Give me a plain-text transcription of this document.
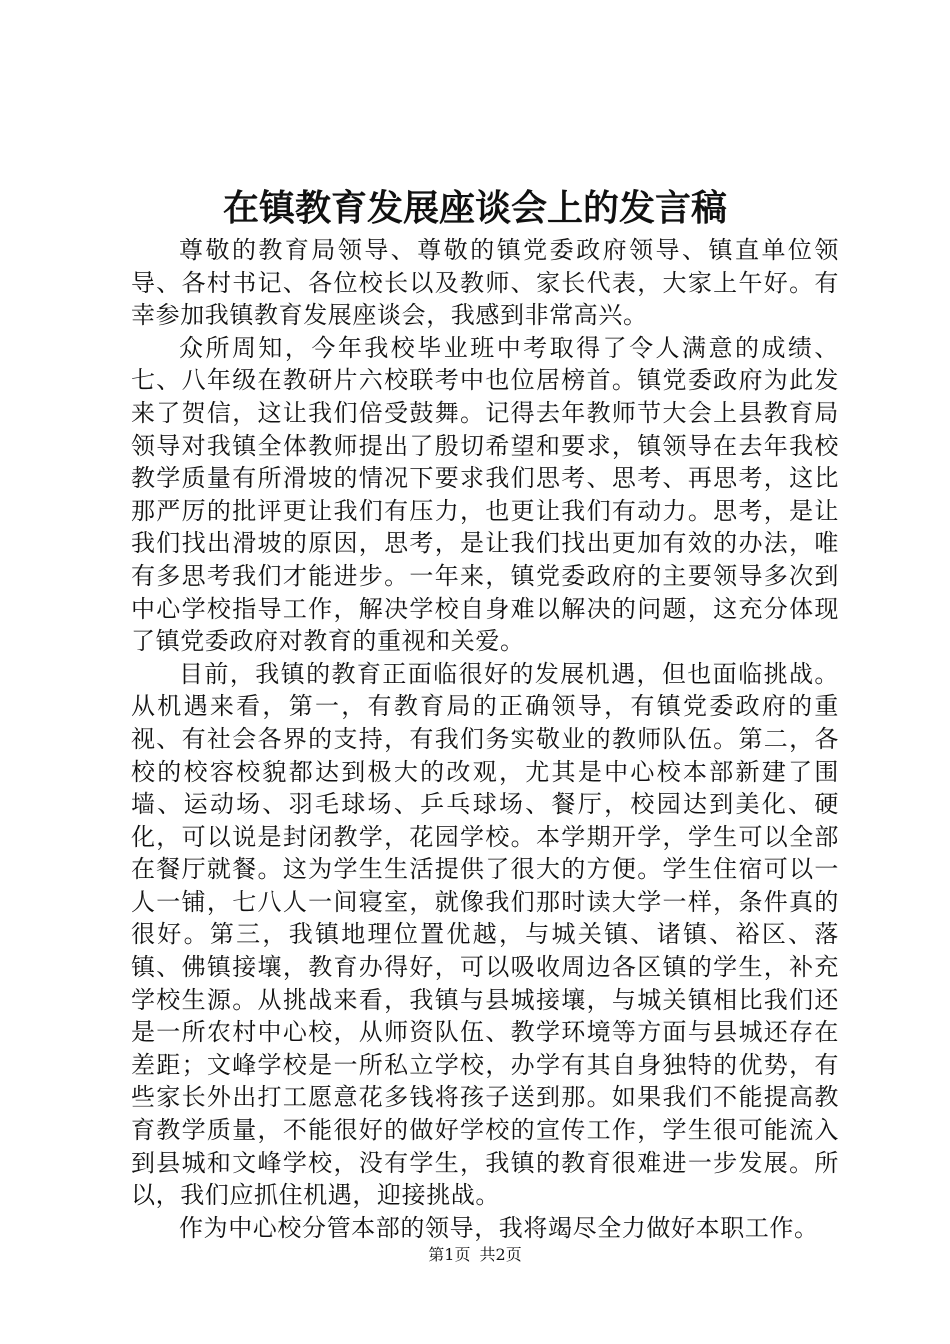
在镇教育发展座谈会上的发言稿

尊敬的教育局领导、尊敬的镇党委政府领导、镇直单位领导、各村书记、各位校长以及教师、家长代表，大家上午好。有幸参加我镇教育发展座谈会，我感到非常高兴。

众所周知，今年我校毕业班中考取得了令人满意的成绩、七、八年级在教研片六校联考中也位居榜首。镇党委政府为此发来了贺信，这让我们倍受鼓舞。记得去年教师节大会上县教育局领导对我镇全体教师提出了殷切希望和要求，镇领导在去年我校教学质量有所滑坡的情况下要求我们思考、思考、再思考，这比那严厉的批评更让我们有压力，也更让我们有动力。思考，是让我们找出滑坡的原因，思考，是让我们找出更加有效的办法，唯有多思考我们才能进步。一年来，镇党委政府的主要领导多次到中心学校指导工作，解决学校自身难以解决的问题，这充分体现了镇党委政府对教育的重视和关爱。

目前，我镇的教育正面临很好的发展机遇，但也面临挑战。从机遇来看，第一，有教育局的正确领导，有镇党委政府的重视、有社会各界的支持，有我们务实敬业的教师队伍。第二，各校的校容校貌都达到极大的改观，尤其是中心校本部新建了围墙、运动场、羽毛球场、乒乓球场、餐厅，校园达到美化、硬化，可以说是封闭教学，花园学校。本学期开学，学生可以全部在餐厅就餐。这为学生生活提供了很大的方便。学生住宿可以一人一铺，七八人一间寝室，就像我们那时读大学一样，条件真的很好。第三，我镇地理位置优越，与城关镇、诸镇、裕区、落镇、佛镇接壤，教育办得好，可以吸收周边各区镇的学生，补充学校生源。从挑战来看，我镇与县城接壤，与城关镇相比我们还是一所农村中心校，从师资队伍、教学环境等方面与县城还存在差距；文峰学校是一所私立学校，办学有其自身独特的优势，有些家长外出打工愿意花多钱将孩子送到那。如果我们不能提高教育教学质量，不能很好的做好学校的宣传工作，学生很可能流入到县城和文峰学校，没有学生，我镇的教育很难进一步发展。所以，我们应抓住机遇，迎接挑战。

作为中心校分管本部的领导，我将竭尽全力做好本职工作。

第1页 共2页
